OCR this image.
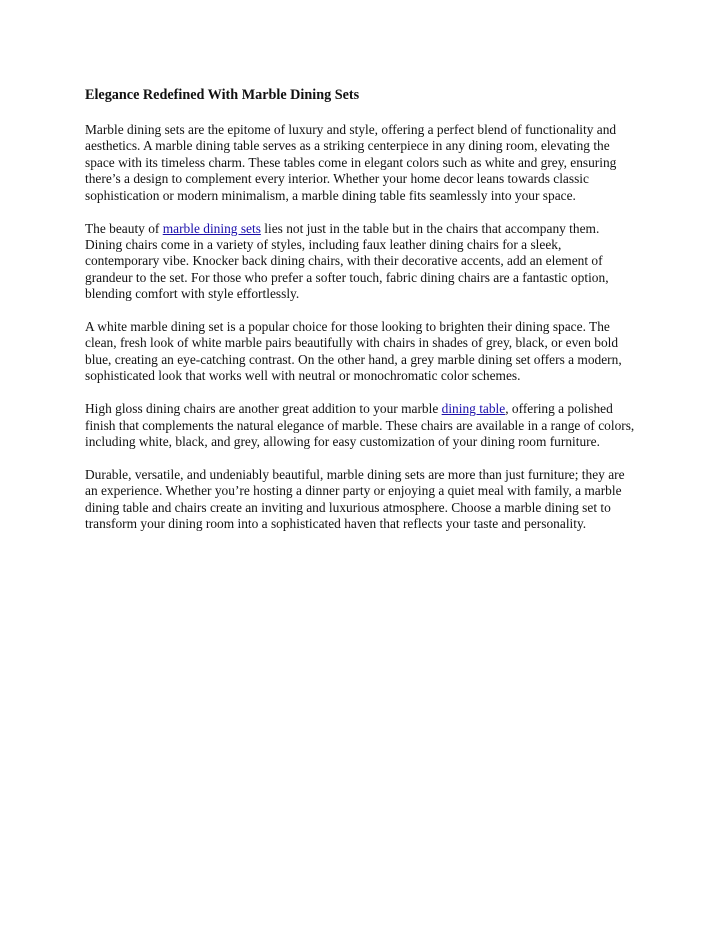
Elegance Redefined With Marble Dining Sets

Marble dining sets are the epitome of luxury and style, offering a perfect blend of functionality and aesthetics. A marble dining table serves as a striking centerpiece in any dining room, elevating the space with its timeless charm. These tables come in elegant colors such as white and grey, ensuring there’s a design to complement every interior. Whether your home decor leans towards classic sophistication or modern minimalism, a marble dining table fits seamlessly into your space.

The beauty of marble dining sets lies not just in the table but in the chairs that accompany them. Dining chairs come in a variety of styles, including faux leather dining chairs for a sleek, contemporary vibe. Knocker back dining chairs, with their decorative accents, add an element of grandeur to the set. For those who prefer a softer touch, fabric dining chairs are a fantastic option, blending comfort with style effortlessly.

A white marble dining set is a popular choice for those looking to brighten their dining space. The clean, fresh look of white marble pairs beautifully with chairs in shades of grey, black, or even bold blue, creating an eye-catching contrast. On the other hand, a grey marble dining set offers a modern, sophisticated look that works well with neutral or monochromatic color schemes.

High gloss dining chairs are another great addition to your marble dining table, offering a polished finish that complements the natural elegance of marble. These chairs are available in a range of colors, including white, black, and grey, allowing for easy customization of your dining room furniture.

Durable, versatile, and undeniably beautiful, marble dining sets are more than just furniture; they are an experience. Whether you’re hosting a dinner party or enjoying a quiet meal with family, a marble dining table and chairs create an inviting and luxurious atmosphere. Choose a marble dining set to transform your dining room into a sophisticated haven that reflects your taste and personality.
